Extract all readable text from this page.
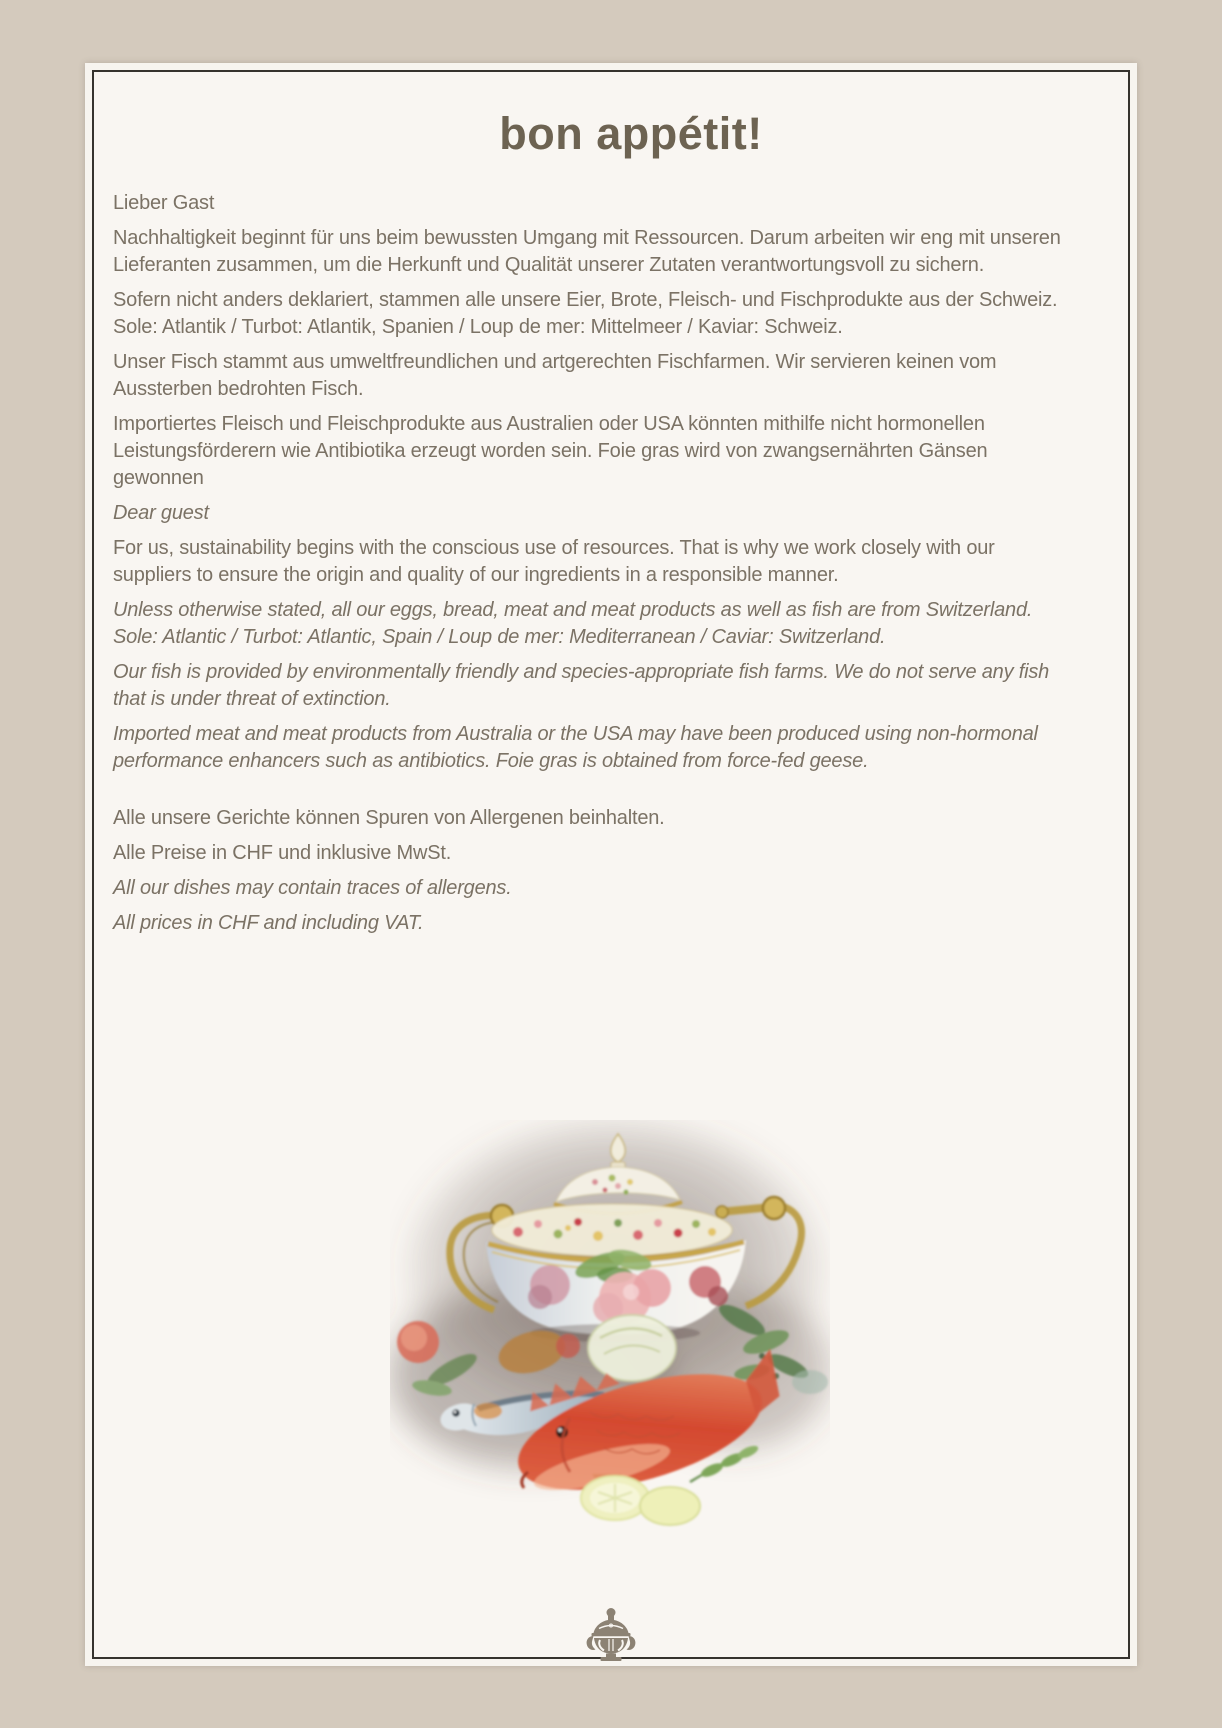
bon appétit!

Lieber Gast

Nachhaltigkeit beginnt für uns beim bewussten Umgang mit Ressourcen. Darum arbeiten wir eng mit unseren Lieferanten zusammen, um die Herkunft und Qualität unserer Zutaten verantwortungsvoll zu sichern.

Sofern nicht anders deklariert, stammen alle unsere Eier, Brote, Fleisch- und Fischprodukte aus der Schweiz. Sole: Atlantik / Turbot: Atlantik, Spanien / Loup de mer: Mittelmeer / Kaviar: Schweiz.

Unser Fisch stammt aus umweltfreundlichen und artgerechten Fischfarmen. Wir servieren keinen vom Aussterben bedrohten Fisch.

Importiertes Fleisch und Fleischprodukte aus Australien oder USA könnten mithilfe nicht hormonellen Leistungsförderern wie Antibiotika erzeugt worden sein. Foie gras wird von zwangsernährten Gänsen gewonnen

Dear guest

For us, sustainability begins with the conscious use of resources. That is why we work closely with our suppliers to ensure the origin and quality of our ingredients in a responsible manner.

Unless otherwise stated, all our eggs, bread, meat and meat products as well as fish are from Switzerland. Sole: Atlantic / Turbot: Atlantic, Spain / Loup de mer: Mediterranean / Caviar: Switzerland.

Our fish is provided by environmentally friendly and species-appropriate fish farms. We do not serve any fish that is under threat of extinction.

Imported meat and meat products from Australia or the USA may have been produced using non-hormonal performance enhancers such as antibiotics. Foie gras is obtained from force-fed geese.

Alle unsere Gerichte können Spuren von Allergenen beinhalten.

Alle Preise in CHF und inklusive MwSt.

All our dishes may contain traces of allergens.

All prices in CHF and including VAT.
